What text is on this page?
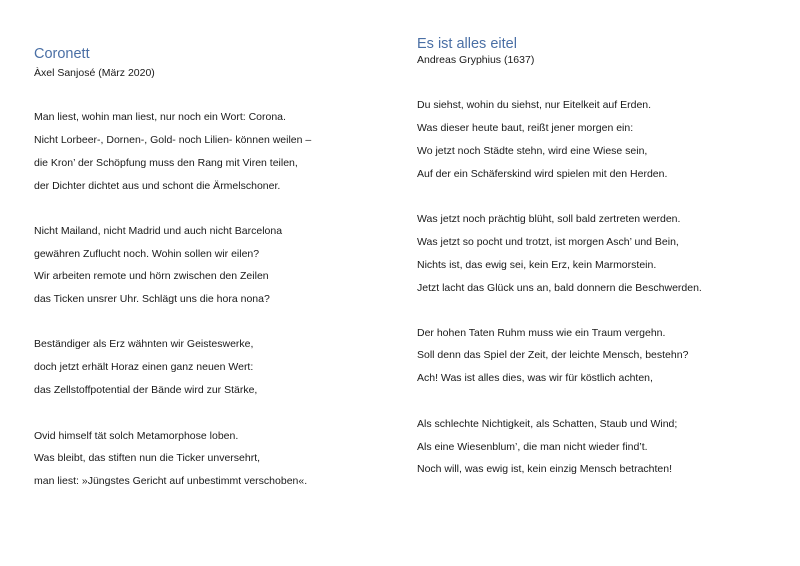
Coronett
Àxel Sanjosé (März 2020)
Man liest, wohin man liest, nur noch ein Wort: Corona.
Nicht Lorbeer-, Dornen-, Gold- noch Lilien- können weilen –
die Kron’ der Schöpfung muss den Rang mit Viren teilen,
der Dichter dichtet aus und schont die Ärmelschoner.
Nicht Mailand, nicht Madrid und auch nicht Barcelona
gewähren Zuflucht noch. Wohin sollen wir eilen?
Wir arbeiten remote und hörn zwischen den Zeilen
das Ticken unsrer Uhr. Schlägt uns die hora nona?
Beständiger als Erz wähnten wir Geisteswerke,
doch jetzt erhält Horaz einen ganz neuen Wert:
das Zellstoffpotential der Bände wird zur Stärke,
Ovid himself tät solch Metamorphose loben.
Was bleibt, das stiften nun die Ticker unversehrt,
man liest: »Jüngstes Gericht auf unbestimmt verschoben«.
Es ist alles eitel
Andreas Gryphius (1637)
Du siehst, wohin du siehst, nur Eitelkeit auf Erden.
Was dieser heute baut, reißt jener morgen ein:
Wo jetzt noch Städte stehn, wird eine Wiese sein,
Auf der ein Schäferskind wird spielen mit den Herden.
Was jetzt noch prächtig blüht, soll bald zertreten werden.
Was jetzt so pocht und trotzt, ist morgen Asch’ und Bein,
Nichts ist, das ewig sei, kein Erz, kein Marmorstein.
Jetzt lacht das Glück uns an, bald donnern die Beschwerden.
Der hohen Taten Ruhm muss wie ein Traum vergehn.
Soll denn das Spiel der Zeit, der leichte Mensch, bestehn?
Ach! Was ist alles dies, was wir für köstlich achten,
Als schlechte Nichtigkeit, als Schatten, Staub und Wind;
Als eine Wiesenblum’, die man nicht wieder find’t.
Noch will, was ewig ist, kein einzig Mensch betrachten!
